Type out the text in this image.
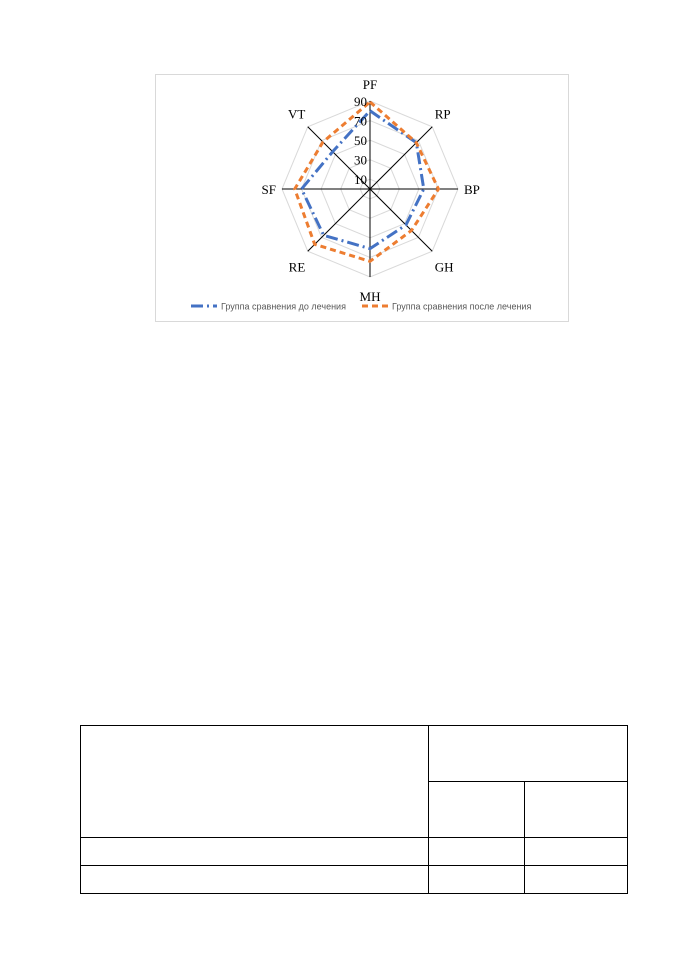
10
30
50
70
90
PF
RP
BP
GH
MH
RE
SF
VT
Группа сравнения до лечения	Группа сравнения после лечения
